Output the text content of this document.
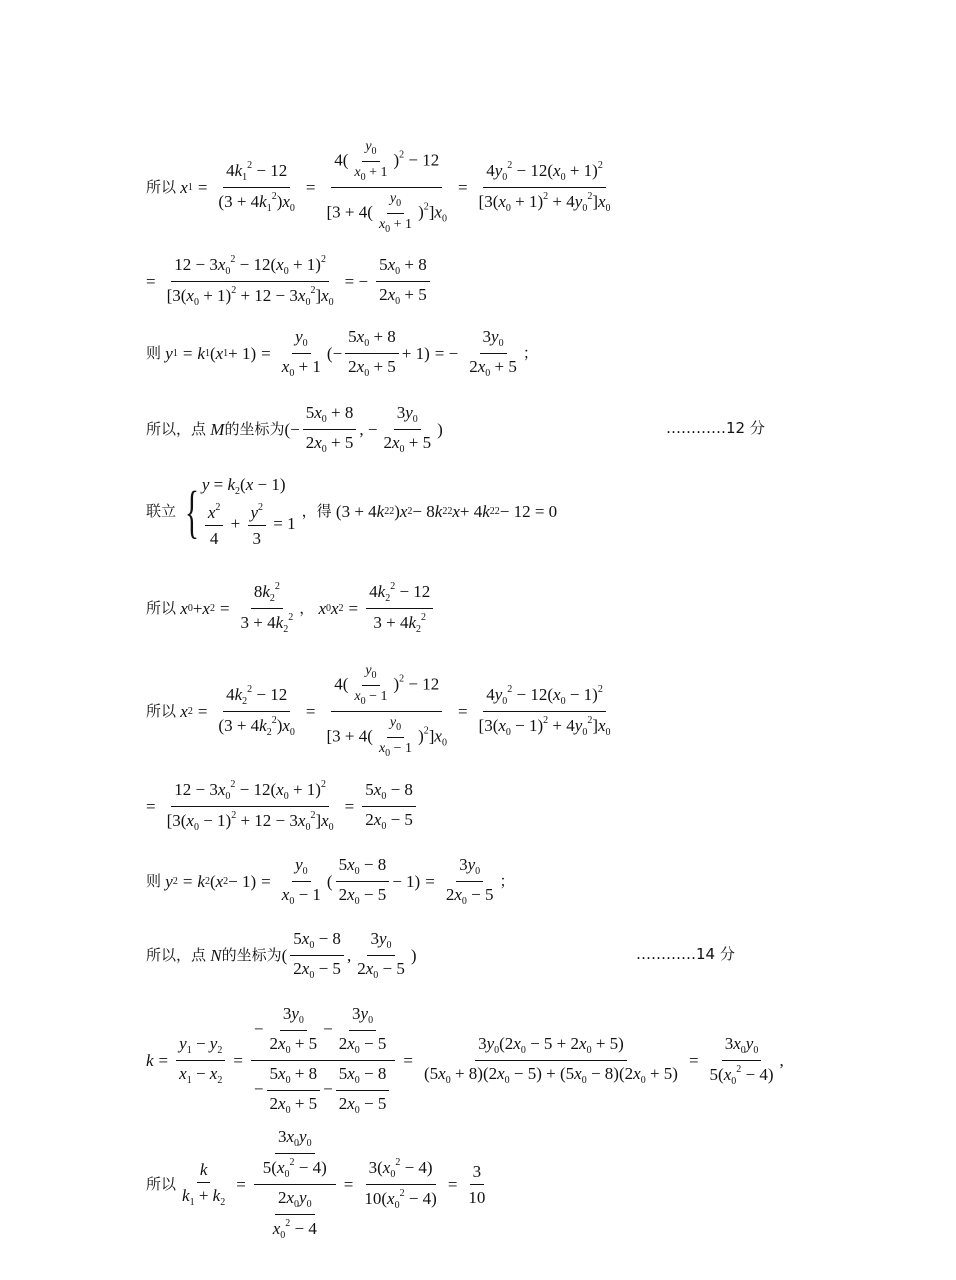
所以 x $1 = \frac{4k_1^2 - 12}{(3 + 4k_1^2)x_0} = \frac{4( \frac{y_0}{x_0 + 1} )^2 - 12}{[3 + 4( \frac{y_0}{x_0 + 1} )^2]x_0} = \frac{4y_0^2 - 12(x_0 + 1)^2}{[3(x_0 + 1)^2 + 4y_0^2]x_0}$
= $\frac{12 - 3x_0^2 - 12(x_0 + 1)^2}{[3(x_0 + 1)^2 + 12 - 3x_0^2]x_0}$ = − $\frac{5x_0 + 8}{2x_0 + 5}$
则 y 1 = k 1 ( x $1 + 1) = \frac{y_0}{x_0 + 1}$ (− $\frac{5x_0 + 8}{2x_0 + 5} + 1$) = − $\frac{3y_0}{2x_0 + 5}$ ；
所以，点
M 的坐标为 (− $\frac{5x_0 + 8}{2x_0 + 5}$ , − $\frac{3y_0}{2x_0 + 5}$ )	…………12 分
联立 { $y = k_2(x - 1)$
$\frac{x^2}{4} + \frac{y^2}{3} = 1$
，得 (3 + 4 k 2 2 ) x 2 − 8 k 2 2 x + 4 k 2 2 − 12 = 0
所以
x 0 + x $2 = \frac{8k_2^2}{3 + 4k_2^2}$ ，
x 0 x $2 = \frac{4k_2^2 - 12}{3 + 4k_2^2}$
所以 x $2 = \frac{4k_2^2 - 12}{(3 + 4k_2^2)x_0} = \frac{4( \frac{y_0}{x_0 - 1} )^2 - 12}{[3 + 4( \frac{y_0}{x_0 - 1} )^2]x_0} = \frac{4y_0^2 - 12(x_0 - 1)^2}{[3(x_0 - 1)^2 + 4y_0^2]x_0}$
= $\frac{12 - 3x_0^2 - 12(x_0 + 1)^2}{[3(x_0 - 1)^2 + 12 - 3x_0^2]x_0} = \frac{5x_0 - 8}{2x_0 - 5}$
则 y 2 = k 2 ( x $2 - 1) = \frac{y_0}{x_0 - 1}$ ( $\frac{5x_0 - 8}{2x_0 - 5} - 1) = \frac{3y_0}{2x_0 - 5}$ ；
所以，点
N 的坐标为 ( $\frac{5x_0 - 8}{2x_0 - 5}$ , $\frac{3y_0}{2x_0 - 5}$ )	…………14 分
$k = \frac{y_1 - y_2}{x_1 - x_2} = \frac{- \frac{3y_0}{2x_0 + 5} - \frac{3y_0}{2x_0 - 5}}{- \frac{5x_0 + 8}{2x_0 + 5} - \frac{5x_0 - 8}{2x_0 - 5}} = \frac{3y_0(2x_0 - 5 + 2x_0 + 5)}{(5x_0 + 8)(2x_0 - 5) + (5x_0 - 8)(2x_0 + 5)} = \frac{3x_0y_0}{5(x_0^2 - 4)}$ ,
所以 $\frac{k}{k_1 + k_2} = \frac{\frac{3x_0y_0}{5(x_0^2 - 4)}}{\frac{2x_0y_0}{x_0^2 - 4}} = \frac{3(x_0^2 - 4)}{10(x_0^2 - 4)} = \frac{3}{10}$
